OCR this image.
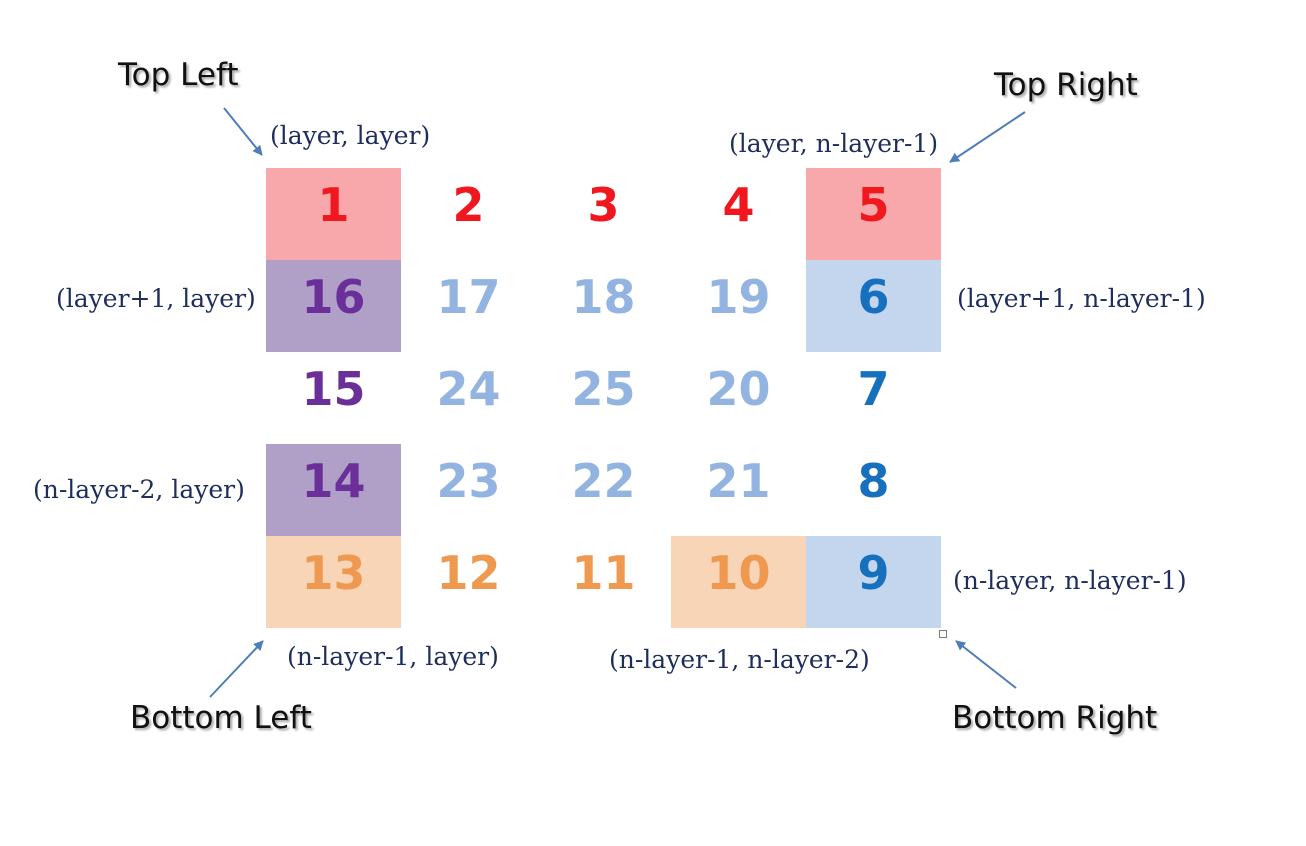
1 2 3 4 5
16 17 18 19 6
15 24 25 20 7
14 23 22 21 8
13 12 11 10 9
(layer, layer)	(layer, n-layer-1)
(layer+1, layer)	(layer+1, n-layer-1)
(n-layer-2, layer)
(n-layer, n-layer-1)
(n-layer-1, layer)	(n-layer-1, n-layer-2)
Top Left	Top Right
Bottom Left	Bottom Right
